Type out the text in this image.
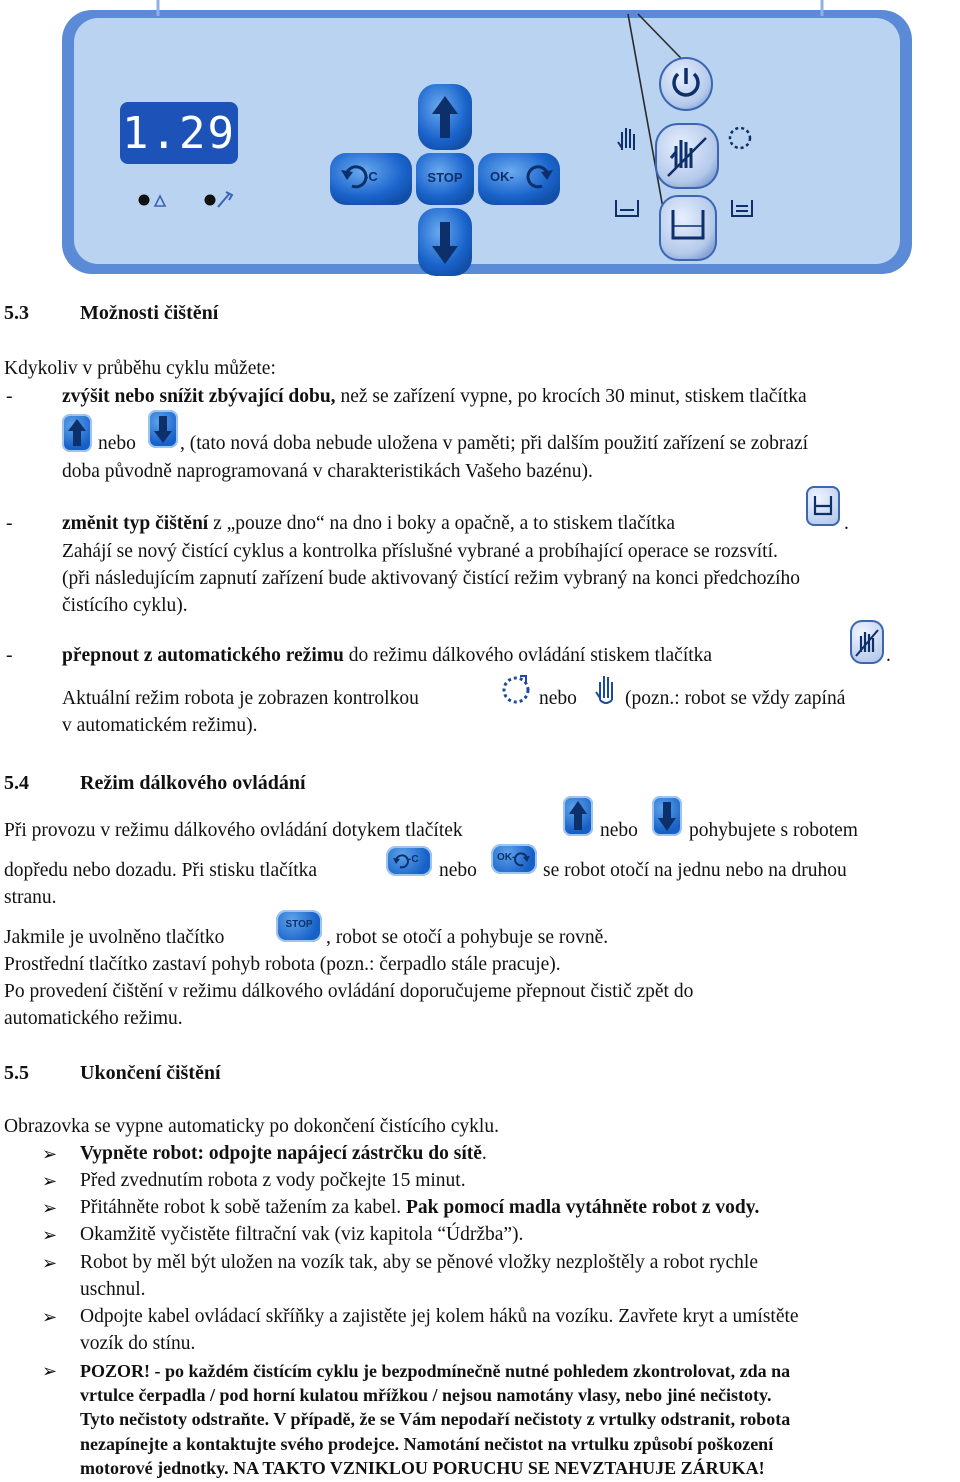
1.29
-C	STOP	OK-
5.3	Možnosti čištění
Kdykoliv v průběhu cyklu můžete:
-	zvýšit nebo snížit zbývající dobu, než se zařízení vypne, po krocích 30 minut, stiskem tlačítka
nebo , (tato nová doba nebude uložena v paměti; při dalším použití zařízení se zobrazí
doba původně naprogramovaná v charakteristikách Vašeho bazénu).
-	změnit typ čištění z „pouze dno“ na dno i boky a opačně, a to stiskem tlačítka	.
Zahájí se nový čistící cyklus a kontrolka příslušné vybrané a probíhající operace se rozsvítí.
(při následujícím zapnutí zařízení bude aktivovaný čistící režim vybraný na konci předchozího
čistícího cyklu).
-	přepnout z automatického režimu do režimu dálkového ovládání stiskem tlačítka	.
Aktuální režim robota je zobrazen kontrolkou	nebo (pozn.: robot se vždy zapíná
v automatickém režimu).
5.4	Režim dálkového ovládání
Při provozu v režimu dálkového ovládání dotykem tlačítek	nebo	pohybujete s robotem
dopředu nebo dozadu. Při stisku tlačítka
-C
nebo
OK-
se robot otočí na jednu nebo na druhou
stranu.
Jakmile je uvolněno tlačítko
STOP
, robot se otočí a pohybuje se rovně.
Prostřední tlačítko zastaví pohyb robota (pozn.: čerpadlo stále pracuje).
Po provedení čištění v režimu dálkového ovládání doporučujeme přepnout čistič zpět do
automatického režimu.
5.5	Ukončení čištění
Obrazovka se vypne automaticky po dokončení čistícího cyklu.
➢ Vypněte robot: odpojte napájecí zástrčku do sítě.
➢ Před zvednutím robota z vody počkejte 15 minut.
➢ Přitáhněte robot k sobě tažením za kabel. Pak pomocí madla vytáhněte robot z vody.
➢ Okamžitě vyčistěte filtrační vak (viz kapitola “Údržba”).
➢ Robot by měl být uložen na vozík tak, aby se pěnové vložky nezploštěly a robot rychle
uschnul.
➢ Odpojte kabel ovládací skříňky a zajistěte jej kolem háků na vozíku. Zavřete kryt a umístěte
vozík do stínu.
➢ POZOR! - po každém čistícím cyklu je bezpodmínečně nutné pohledem zkontrolovat, zda na
vrtulce čerpadla / pod horní kulatou mřížkou / nejsou namotány vlasy, nebo jiné nečistoty.
Tyto nečistoty odstraňte. V případě, že se Vám nepodaří nečistoty z vrtulky odstranit, robota
nezapínejte a kontaktujte svého prodejce. Namotání nečistot na vrtulku způsobí poškození
motorové jednotky. NA TAKTO VZNIKLOU PORUCHU SE NEVZTAHUJE ZÁRUKA!
